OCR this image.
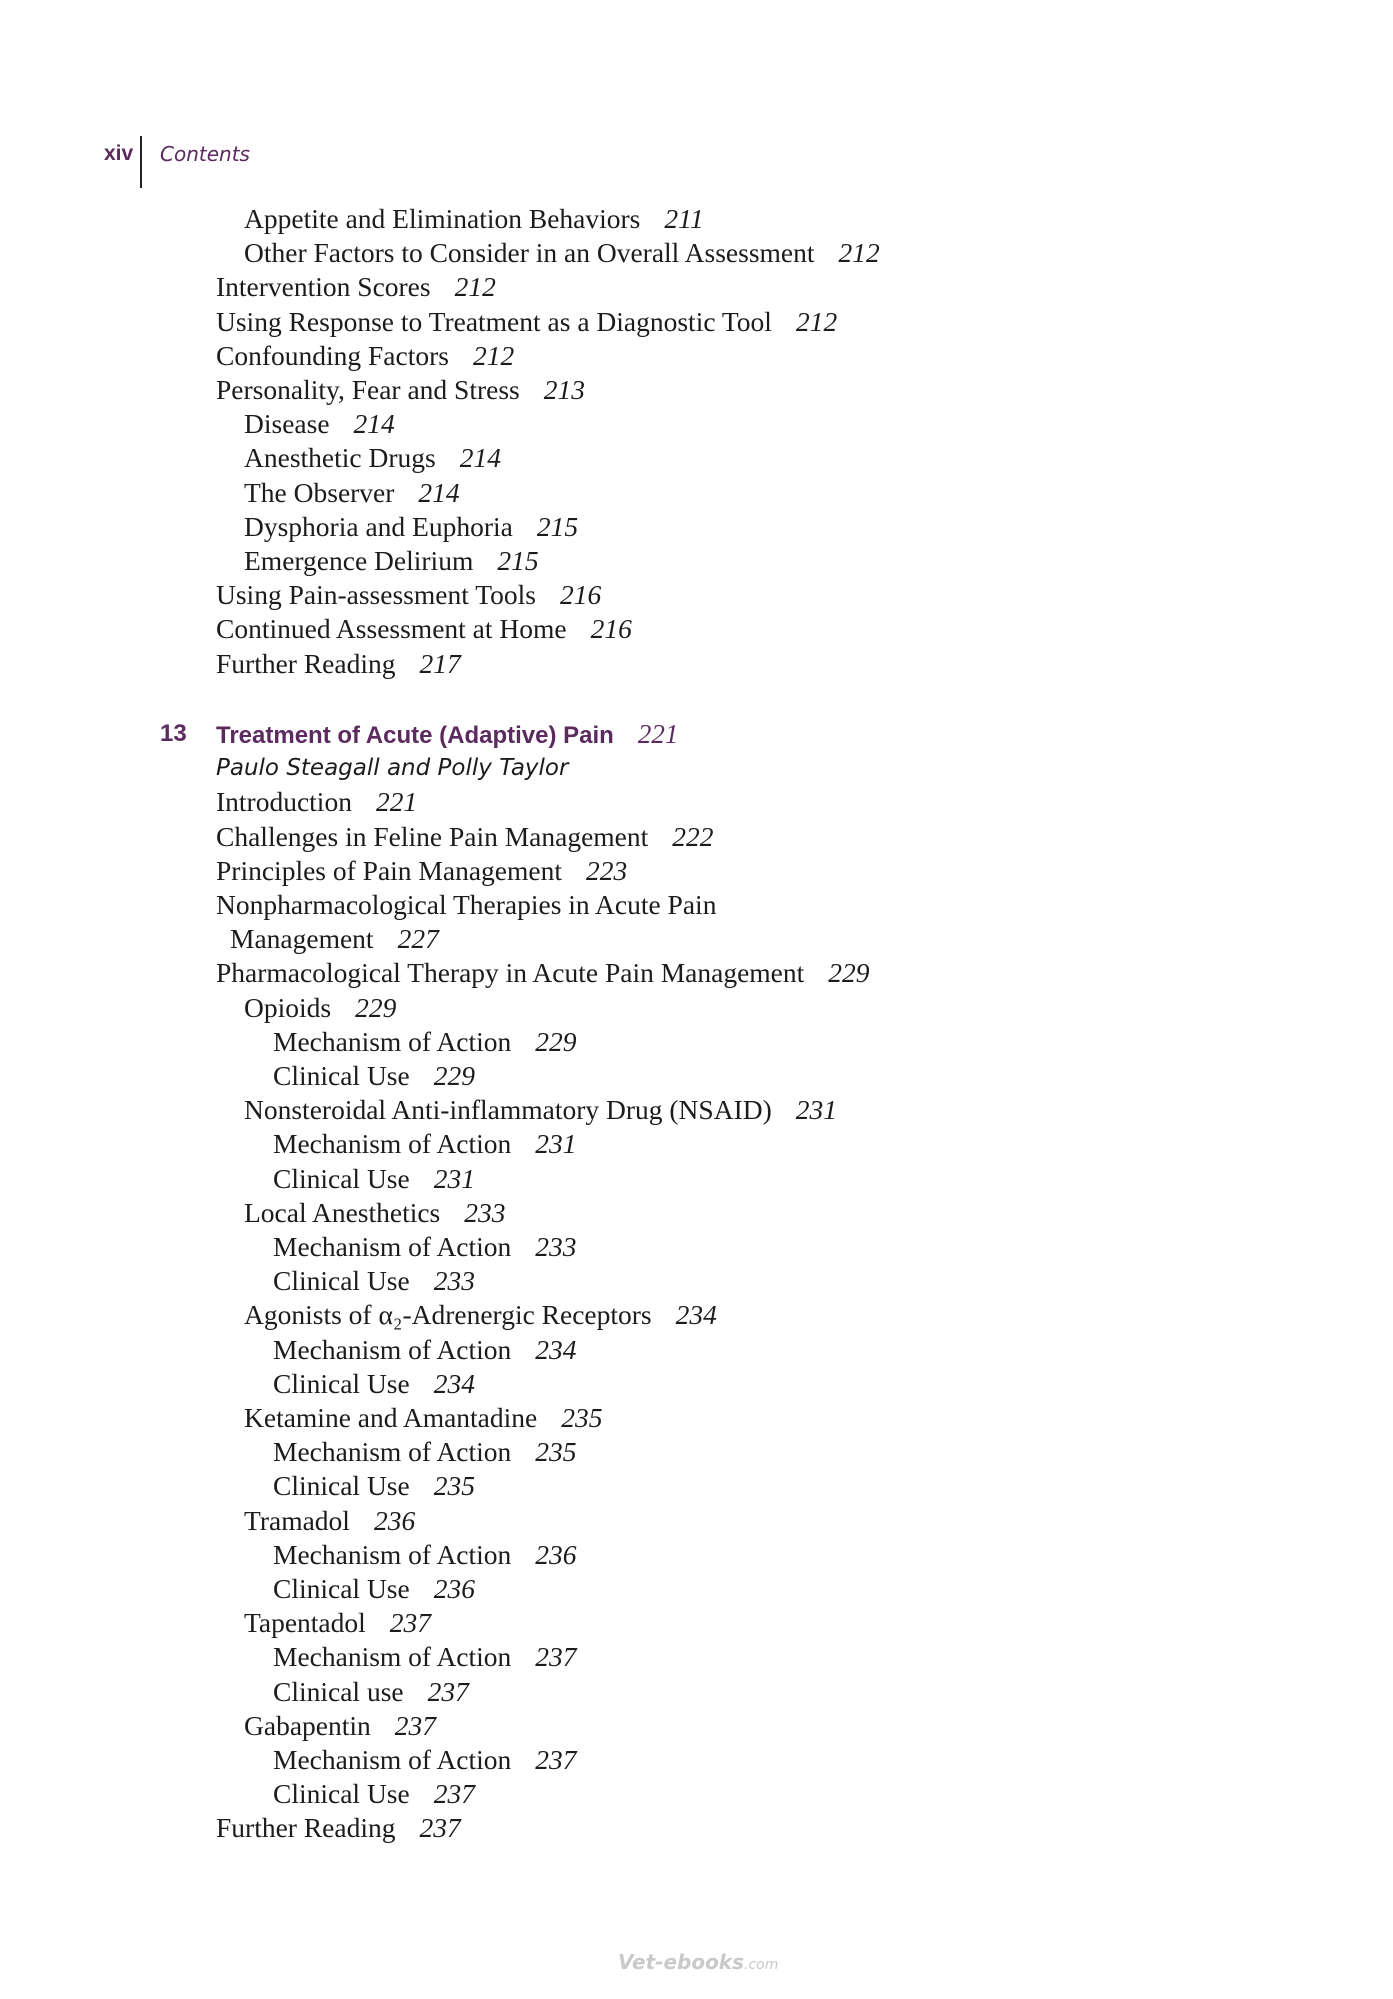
xiv Contents
Appetite and Elimination Behaviors 211
Other Factors to Consider in an Overall Assessment 212
Intervention Scores 212
Using Response to Treatment as a Diagnostic Tool 212
Confounding Factors 212
Personality, Fear and Stress 213
Disease 214
Anesthetic Drugs 214
The Observer 214
Dysphoria and Euphoria 215
Emergence Delirium 215
Using Pain-assessment Tools 216
Continued Assessment at Home 216
Further Reading 217
13 Treatment of Acute (Adaptive) Pain 221
Paulo Steagall and Polly Taylor
Introduction 221
Challenges in Feline Pain Management 222
Principles of Pain Management 223
Nonpharmacological Therapies in Acute Pain
Management 227
Pharmacological Therapy in Acute Pain Management 229
Opioids 229
Mechanism of Action 229
Clinical Use 229
Nonsteroidal Anti-inflammatory Drug (NSAID) 231
Mechanism of Action 231
Clinical Use 231
Local Anesthetics 233
Mechanism of Action 233
Clinical Use 233
Agonists of α₂-Adrenergic Receptors 234
Mechanism of Action 234
Clinical Use 234
Ketamine and Amantadine 235
Mechanism of Action 235
Clinical Use 235
Tramadol 236
Mechanism of Action 236
Clinical Use 236
Tapentadol 237
Mechanism of Action 237
Clinical use 237
Gabapentin 237
Mechanism of Action 237
Clinical Use 237
Further Reading 237
Vet-ebooks.com
